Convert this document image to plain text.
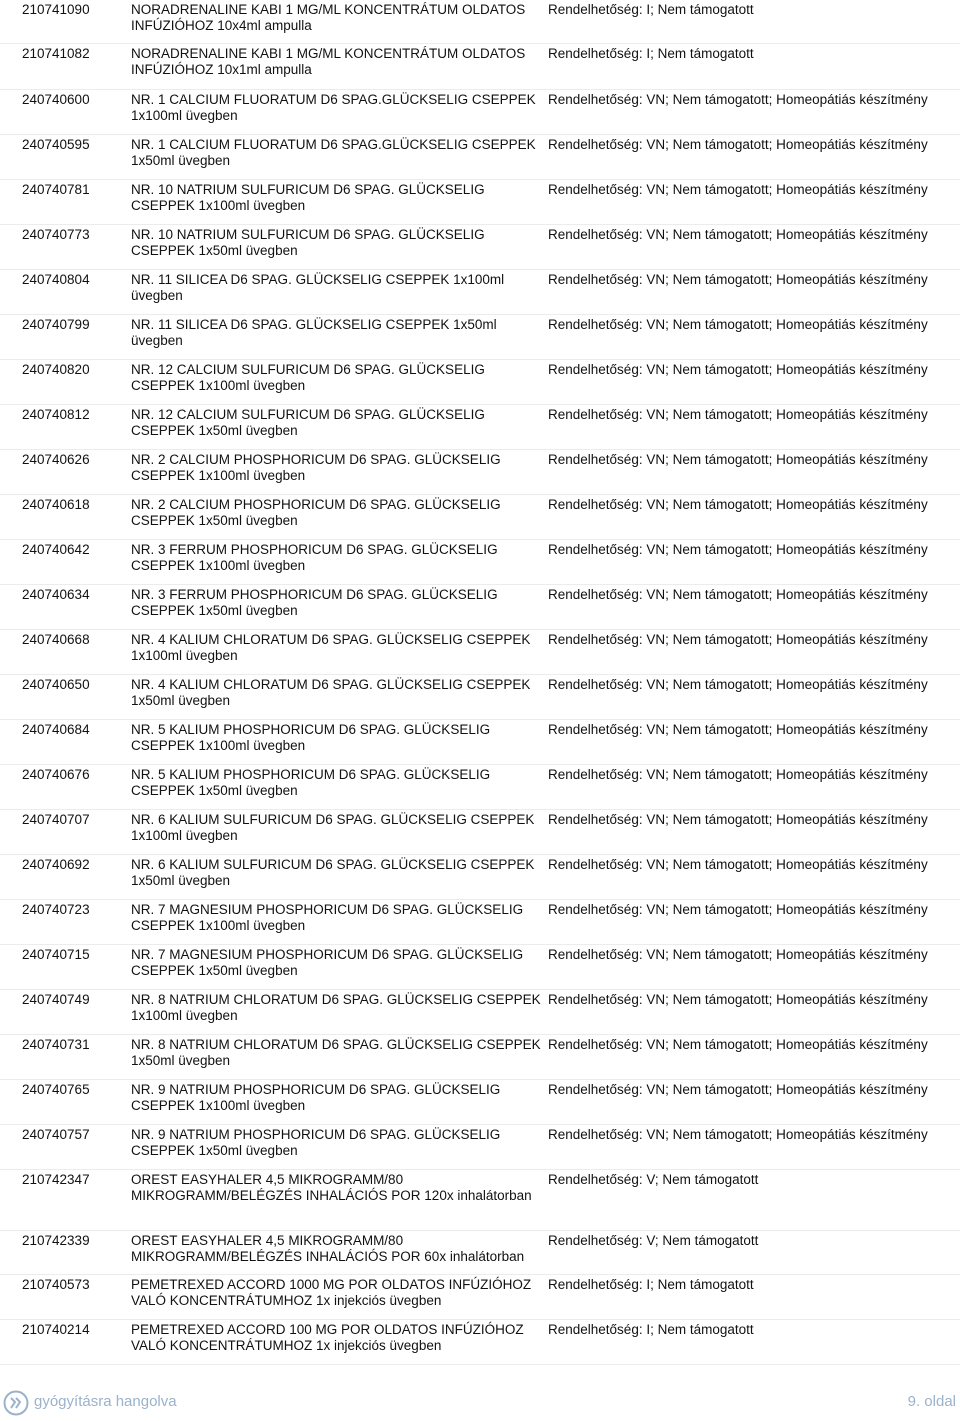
210741090	NORADRENALINE KABI 1 MG/ML KONCENTRÁTUM OLDATOS INFÚZIÓHOZ 10x4ml ampulla
Rendelhetőség: I; Nem támogatott
210741082	NORADRENALINE KABI 1 MG/ML KONCENTRÁTUM OLDATOS INFÚZIÓHOZ 10x1ml ampulla
Rendelhetőség: I; Nem támogatott
240740600	NR. 1 CALCIUM FLUORATUM D6 SPAG.GLÜCKSELIG CSEPPEK 1x100ml üvegben
Rendelhetőség: VN; Nem támogatott; Homeopátiás készítmény
240740595	NR. 1 CALCIUM FLUORATUM D6 SPAG.GLÜCKSELIG CSEPPEK 1x50ml üvegben
Rendelhetőség: VN; Nem támogatott; Homeopátiás készítmény
240740781	NR. 10 NATRIUM SULFURICUM D6 SPAG. GLÜCKSELIG CSEPPEK 1x100ml üvegben
Rendelhetőség: VN; Nem támogatott; Homeopátiás készítmény
240740773	NR. 10 NATRIUM SULFURICUM D6 SPAG. GLÜCKSELIG CSEPPEK 1x50ml üvegben
Rendelhetőség: VN; Nem támogatott; Homeopátiás készítmény
240740804	NR. 11 SILICEA D6 SPAG. GLÜCKSELIG CSEPPEK 1x100ml üvegben
Rendelhetőség: VN; Nem támogatott; Homeopátiás készítmény
240740799	NR. 11 SILICEA D6 SPAG. GLÜCKSELIG CSEPPEK 1x50ml üvegben
Rendelhetőség: VN; Nem támogatott; Homeopátiás készítmény
240740820	NR. 12 CALCIUM SULFURICUM D6 SPAG. GLÜCKSELIG CSEPPEK 1x100ml üvegben
Rendelhetőség: VN; Nem támogatott; Homeopátiás készítmény
240740812	NR. 12 CALCIUM SULFURICUM D6 SPAG. GLÜCKSELIG CSEPPEK 1x50ml üvegben
Rendelhetőség: VN; Nem támogatott; Homeopátiás készítmény
240740626	NR. 2 CALCIUM PHOSPHORICUM D6 SPAG. GLÜCKSELIG CSEPPEK 1x100ml üvegben
Rendelhetőség: VN; Nem támogatott; Homeopátiás készítmény
240740618	NR. 2 CALCIUM PHOSPHORICUM D6 SPAG. GLÜCKSELIG CSEPPEK 1x50ml üvegben
Rendelhetőség: VN; Nem támogatott; Homeopátiás készítmény
240740642	NR. 3 FERRUM PHOSPHORICUM D6 SPAG. GLÜCKSELIG CSEPPEK 1x100ml üvegben
Rendelhetőség: VN; Nem támogatott; Homeopátiás készítmény
240740634	NR. 3 FERRUM PHOSPHORICUM D6 SPAG. GLÜCKSELIG CSEPPEK 1x50ml üvegben
Rendelhetőség: VN; Nem támogatott; Homeopátiás készítmény
240740668	NR. 4 KALIUM CHLORATUM D6 SPAG. GLÜCKSELIG CSEPPEK 1x100ml üvegben
Rendelhetőség: VN; Nem támogatott; Homeopátiás készítmény
240740650	NR. 4 KALIUM CHLORATUM D6 SPAG. GLÜCKSELIG CSEPPEK 1x50ml üvegben
Rendelhetőség: VN; Nem támogatott; Homeopátiás készítmény
240740684	NR. 5 KALIUM PHOSPHORICUM D6 SPAG. GLÜCKSELIG CSEPPEK 1x100ml üvegben
Rendelhetőség: VN; Nem támogatott; Homeopátiás készítmény
240740676	NR. 5 KALIUM PHOSPHORICUM D6 SPAG. GLÜCKSELIG CSEPPEK 1x50ml üvegben
Rendelhetőség: VN; Nem támogatott; Homeopátiás készítmény
240740707	NR. 6 KALIUM SULFURICUM D6 SPAG. GLÜCKSELIG CSEPPEK 1x100ml üvegben
Rendelhetőség: VN; Nem támogatott; Homeopátiás készítmény
240740692	NR. 6 KALIUM SULFURICUM D6 SPAG. GLÜCKSELIG CSEPPEK 1x50ml üvegben
Rendelhetőség: VN; Nem támogatott; Homeopátiás készítmény
240740723	NR. 7 MAGNESIUM PHOSPHORICUM D6 SPAG. GLÜCKSELIG CSEPPEK 1x100ml üvegben
Rendelhetőség: VN; Nem támogatott; Homeopátiás készítmény
240740715	NR. 7 MAGNESIUM PHOSPHORICUM D6 SPAG. GLÜCKSELIG CSEPPEK 1x50ml üvegben
Rendelhetőség: VN; Nem támogatott; Homeopátiás készítmény
240740749	NR. 8 NATRIUM CHLORATUM D6 SPAG. GLÜCKSELIG CSEPPEK 1x100ml üvegben
Rendelhetőség: VN; Nem támogatott; Homeopátiás készítmény
240740731	NR. 8 NATRIUM CHLORATUM D6 SPAG. GLÜCKSELIG CSEPPEK 1x50ml üvegben
Rendelhetőség: VN; Nem támogatott; Homeopátiás készítmény
240740765	NR. 9 NATRIUM PHOSPHORICUM D6 SPAG. GLÜCKSELIG CSEPPEK 1x100ml üvegben
Rendelhetőség: VN; Nem támogatott; Homeopátiás készítmény
240740757	NR. 9 NATRIUM PHOSPHORICUM D6 SPAG. GLÜCKSELIG CSEPPEK 1x50ml üvegben
Rendelhetőség: VN; Nem támogatott; Homeopátiás készítmény
210742347	OREST EASYHALER 4,5 MIKROGRAMM/80 MIKROGRAMM/BELÉGZÉS INHALÁCIÓS POR 120x inhalátorban
Rendelhetőség: V; Nem támogatott
210742339	OREST EASYHALER 4,5 MIKROGRAMM/80 MIKROGRAMM/BELÉGZÉS INHALÁCIÓS POR 60x inhalátorban
Rendelhetőség: V; Nem támogatott
210740573	PEMETREXED ACCORD 1000 MG POR OLDATOS INFÚZIÓHOZ VALÓ KONCENTRÁTUMHOZ 1x injekciós üvegben
Rendelhetőség: I; Nem támogatott
210740214	PEMETREXED ACCORD 100 MG POR OLDATOS INFÚZIÓHOZ VALÓ KONCENTRÁTUMHOZ 1x injekciós üvegben
Rendelhetőség: I; Nem támogatott
gyógyításra hangolva	9. oldal
